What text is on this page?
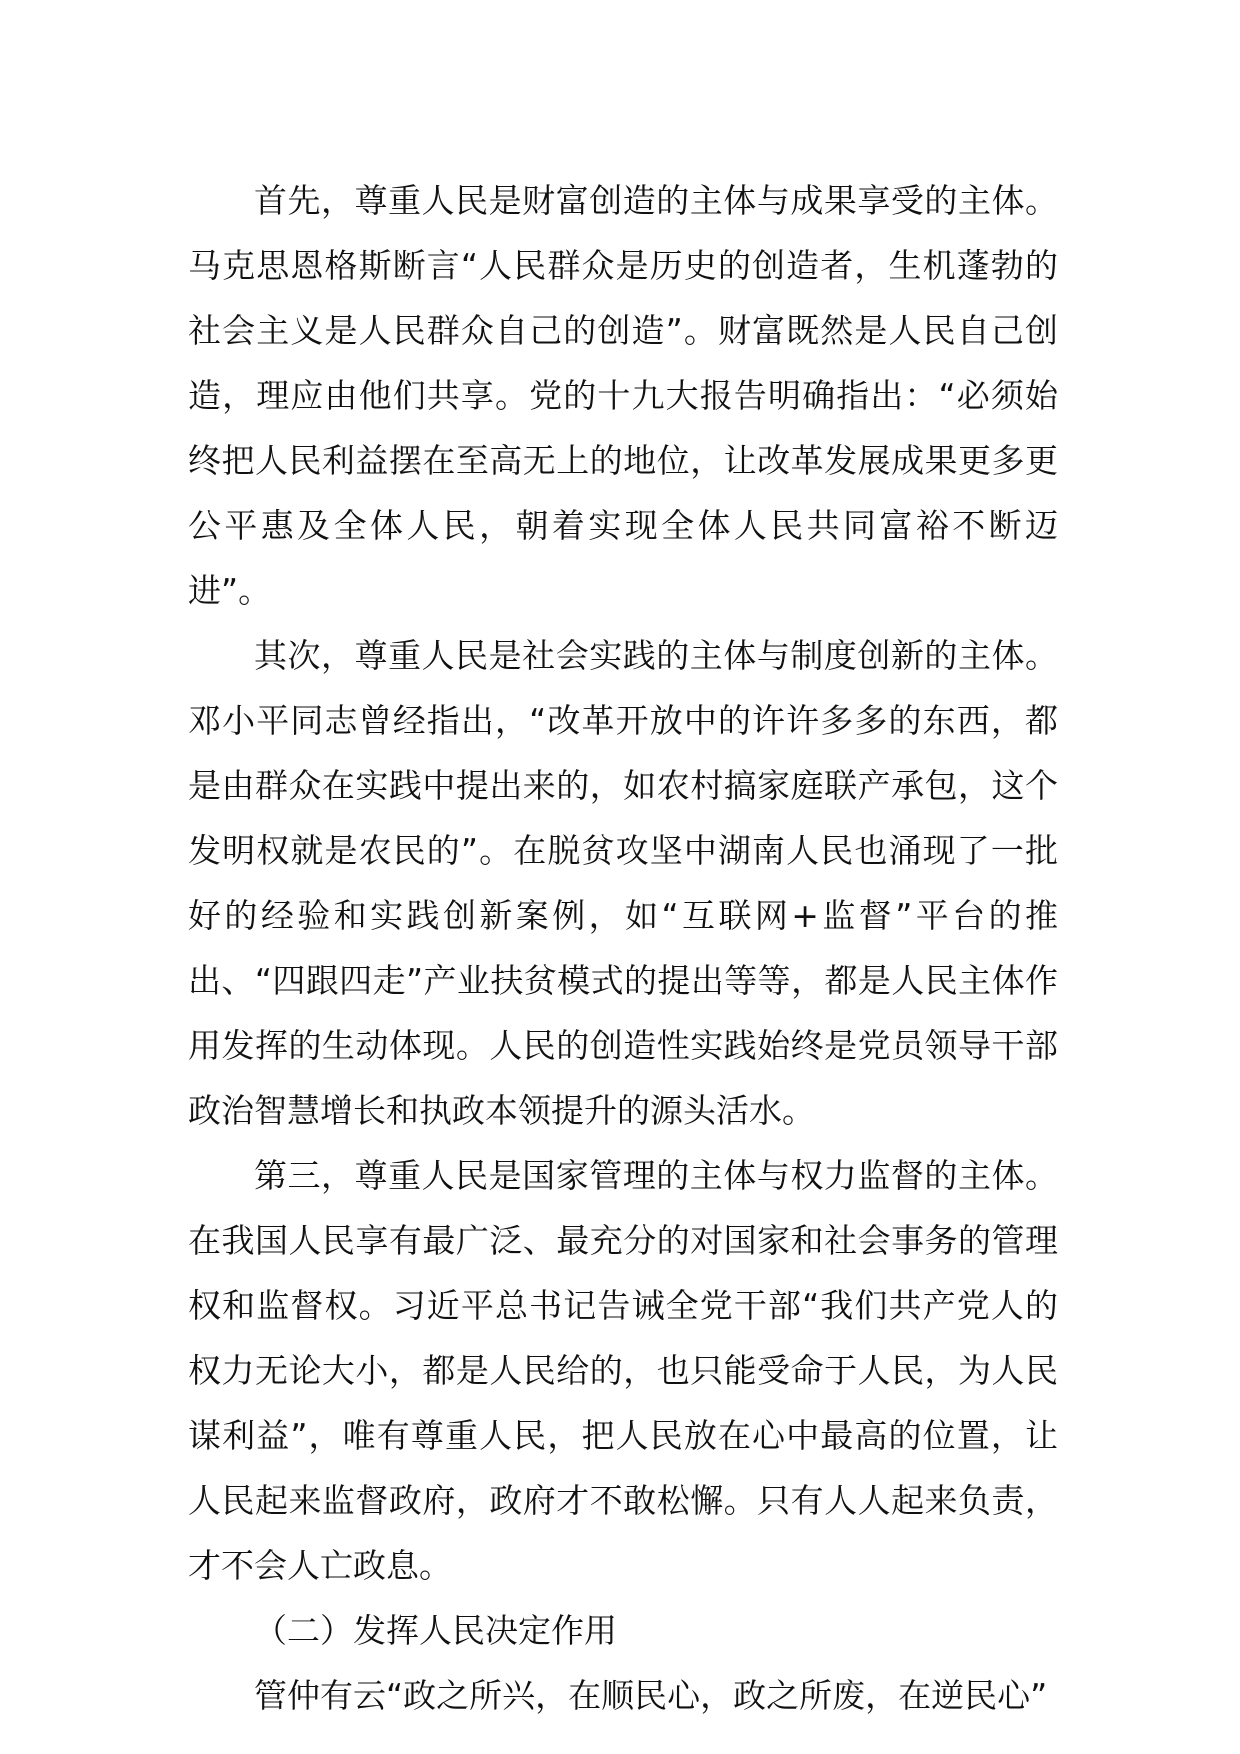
首先，尊重人民是财富创造的主体与成果享受的主体。马克思恩格斯断言“人民群众是历史的创造者，生机蓬勃的社会主义是人民群众自己的创造”。财富既然是人民自己创造，理应由他们共享。党的十九大报告明确指出：“必须始终把人民利益摆在至高无上的地位，让改革发展成果更多更公平惠及全体人民，朝着实现全体人民共同富裕不断迈进”。

其次，尊重人民是社会实践的主体与制度创新的主体。邓小平同志曾经指出，“改革开放中的许许多多的东西，都是由群众在实践中提出来的，如农村搞家庭联产承包，这个发明权就是农民的”。在脱贫攻坚中湖南人民也涌现了一批好的经验和实践创新案例，如“互联网+监督”平台的推出、“四跟四走”产业扶贫模式的提出等等，都是人民主体作用发挥的生动体现。人民的创造性实践始终是党员领导干部政治智慧增长和执政本领提升的源头活水。

第三，尊重人民是国家管理的主体与权力监督的主体。在我国人民享有最广泛、最充分的对国家和社会事务的管理权和监督权。习近平总书记告诫全党干部“我们共产党人的权力无论大小，都是人民给的，也只能受命于人民，为人民谋利益”，唯有尊重人民，把人民放在心中最高的位置，让人民起来监督政府，政府才不敢松懈。只有人人起来负责，才不会人亡政息。

（二）发挥人民决定作用

管仲有云“政之所兴，在顺民心，政之所废，在逆民心”
